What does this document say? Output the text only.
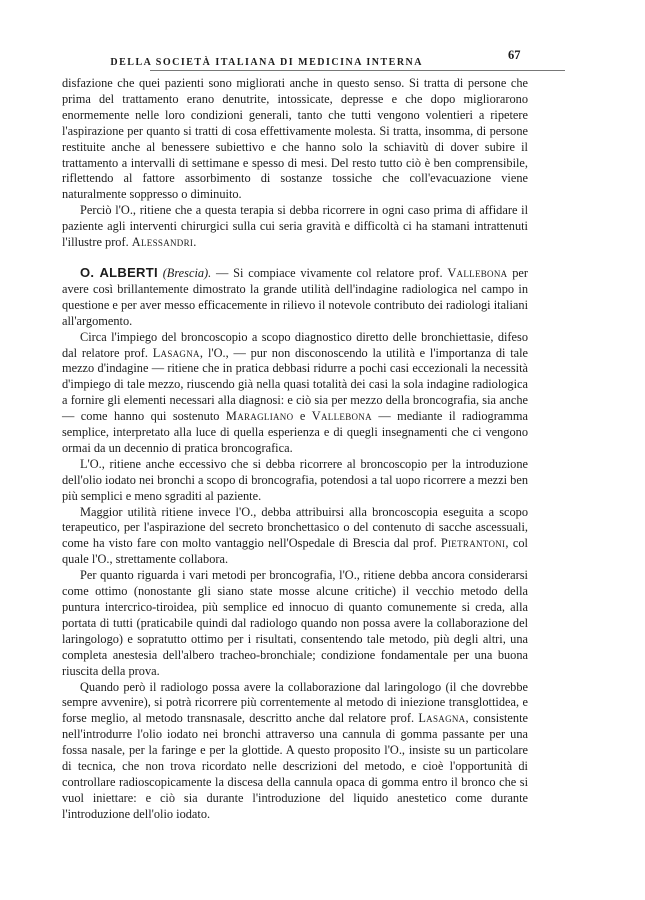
DELLA SOCIETÀ ITALIANA DI MEDICINA INTERNA
67

disfazione che quei pazienti sono migliorati anche in questo senso. Si tratta di persone che prima del trattamento erano denutrite, intossicate, depresse e che dopo migliorarono enormemente nelle loro condizioni generali, tanto che tutti vengono volentieri a ripetere l'aspirazione per quanto si tratti di cosa effettivamente molesta. Si tratta, insomma, di persone restituite anche al benessere subiettivo e che hanno solo la schiavitù di dover subire il trattamento a intervalli di settimane e spesso di mesi. Del resto tutto ciò è ben comprensibile, riflettendo al fattore assorbimento di sostanze tossiche che coll'evacuazione viene naturalmente soppresso o diminuito.

Perciò l'O., ritiene che a questa terapia si debba ricorrere in ogni caso prima di affidare il paziente agli interventi chirurgici sulla cui seria gravità e difficoltà ci ha stamani intrattenuti l'illustre prof. Alessandri.

O. ALBERTI (Brescia). — Si compiace vivamente col relatore prof. Vallebona per avere così brillantemente dimostrato la grande utilità dell'indagine radiologica nel campo in questione e per aver messo efficacemente in rilievo il notevole contributo dei radiologi italiani all'argomento.

Circa l'impiego del broncoscopio a scopo diagnostico diretto delle bronchiettasie, difeso dal relatore prof. Lasagna, l'O., — pur non disconoscendo la utilità e l'importanza di tale mezzo d'indagine — ritiene che in pratica debbasi ridurre a pochi casi eccezionali la necessità d'impiego di tale mezzo, riuscendo già nella quasi totalità dei casi la sola indagine radiologica a fornire gli elementi necessari alla diagnosi: e ciò sia per mezzo della broncografia, sia anche — come hanno qui sostenuto Maragliano e Vallebona — mediante il radiogramma semplice, interpretato alla luce di quella esperienza e di quegli insegnamenti che ci vengono ormai da un decennio di pratica broncografica.

L'O., ritiene anche eccessivo che si debba ricorrere al broncoscopio per la introduzione dell'olio iodato nei bronchi a scopo di broncografia, potendosi a tal uopo ricorrere a mezzi ben più semplici e meno sgraditi al paziente.

Maggior utilità ritiene invece l'O., debba attribuirsi alla broncoscopia eseguita a scopo terapeutico, per l'aspirazione del secreto bronchettasico o del contenuto di sacche ascessuali, come ha visto fare con molto vantaggio nell'Ospedale di Brescia dal prof. Pietrantoni, col quale l'O., strettamente collabora.

Per quanto riguarda i vari metodi per broncografia, l'O., ritiene debba ancora considerarsi come ottimo (nonostante gli siano state mosse alcune critiche) il vecchio metodo della puntura intercrico-tiroidea, più semplice ed innocuo di quanto comunemente si creda, alla portata di tutti (praticabile quindi dal radiologo quando non possa avere la collaborazione del laringologo) e sopratutto ottimo per i risultati, consentendo tale metodo, più degli altri, una completa anestesia dell'albero tracheo-bronchiale; condizione fondamentale per una buona riuscita della prova.

Quando però il radiologo possa avere la collaborazione dal laringologo (il che dovrebbe sempre avvenire), si potrà ricorrere più correntemente al metodo di iniezione transglottidea, e forse meglio, al metodo transnasale, descritto anche dal relatore prof. Lasagna, consistente nell'introdurre l'olio iodato nei bronchi attraverso una cannula di gomma passante per una fossa nasale, per la faringe e per la glottide. A questo proposito l'O., insiste su un particolare di tecnica, che non trova ricordato nelle descrizioni del metodo, e cioè l'opportunità di controllare radioscopicamente la discesa della cannula opaca di gomma entro il bronco che si vuol iniettare: e ciò sia durante l'introduzione del liquido anestetico come durante l'introduzione dell'olio iodato.
